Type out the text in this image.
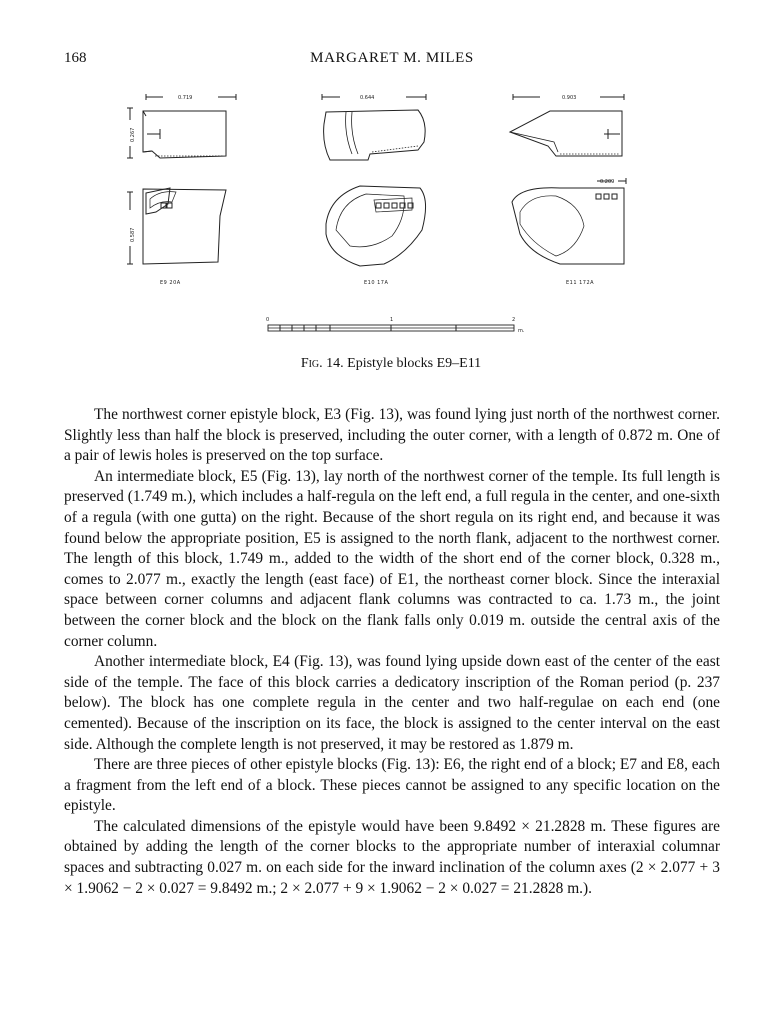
168	MARGARET M. MILES
0.719	0.644	0.903
0.267
0.587
0.209
E9 20A	E10 17A	E11 172A
0	1	2
m.
Fig. 14. Epistyle blocks E9–E11

The northwest corner epistyle block, E3 (Fig. 13), was found lying just north of the northwest corner. Slightly less than half the block is preserved, including the outer corner, with a length of 0.872 m. One of a pair of lewis holes is preserved on the top surface.

An intermediate block, E5 (Fig. 13), lay north of the northwest corner of the temple. Its full length is preserved (1.749 m.), which includes a half-regula on the left end, a full regula in the center, and one-sixth of a regula (with one gutta) on the right. Because of the short regula on its right end, and because it was found below the appropriate position, E5 is assigned to the north flank, adjacent to the northwest corner. The length of this block, 1.749 m., added to the width of the short end of the corner block, 0.328 m., comes to 2.077 m., exactly the length (east face) of E1, the northeast corner block. Since the interaxial space between corner columns and adjacent flank columns was contracted to ca. 1.73 m., the joint between the corner block and the block on the flank falls only 0.019 m. outside the central axis of the corner column.

Another intermediate block, E4 (Fig. 13), was found lying upside down east of the center of the east side of the temple. The face of this block carries a dedicatory inscription of the Roman period (p. 237 below). The block has one complete regula in the center and two half-regulae on each end (one cemented). Because of the inscription on its face, the block is assigned to the center interval on the east side. Although the complete length is not preserved, it may be restored as 1.879 m.

There are three pieces of other epistyle blocks (Fig. 13): E6, the right end of a block; E7 and E8, each a fragment from the left end of a block. These pieces cannot be assigned to any specific location on the epistyle.

The calculated dimensions of the epistyle would have been 9.8492 × 21.2828 m. These figures are obtained by adding the length of the corner blocks to the appropriate number of interaxial columnar spaces and subtracting 0.027 m. on each side for the inward inclination of the column axes (2 × 2.077 + 3 × 1.9062 − 2 × 0.027 = 9.8492 m.; 2 × 2.077 + 9 × 1.9062 − 2 × 0.027 = 21.2828 m.).
